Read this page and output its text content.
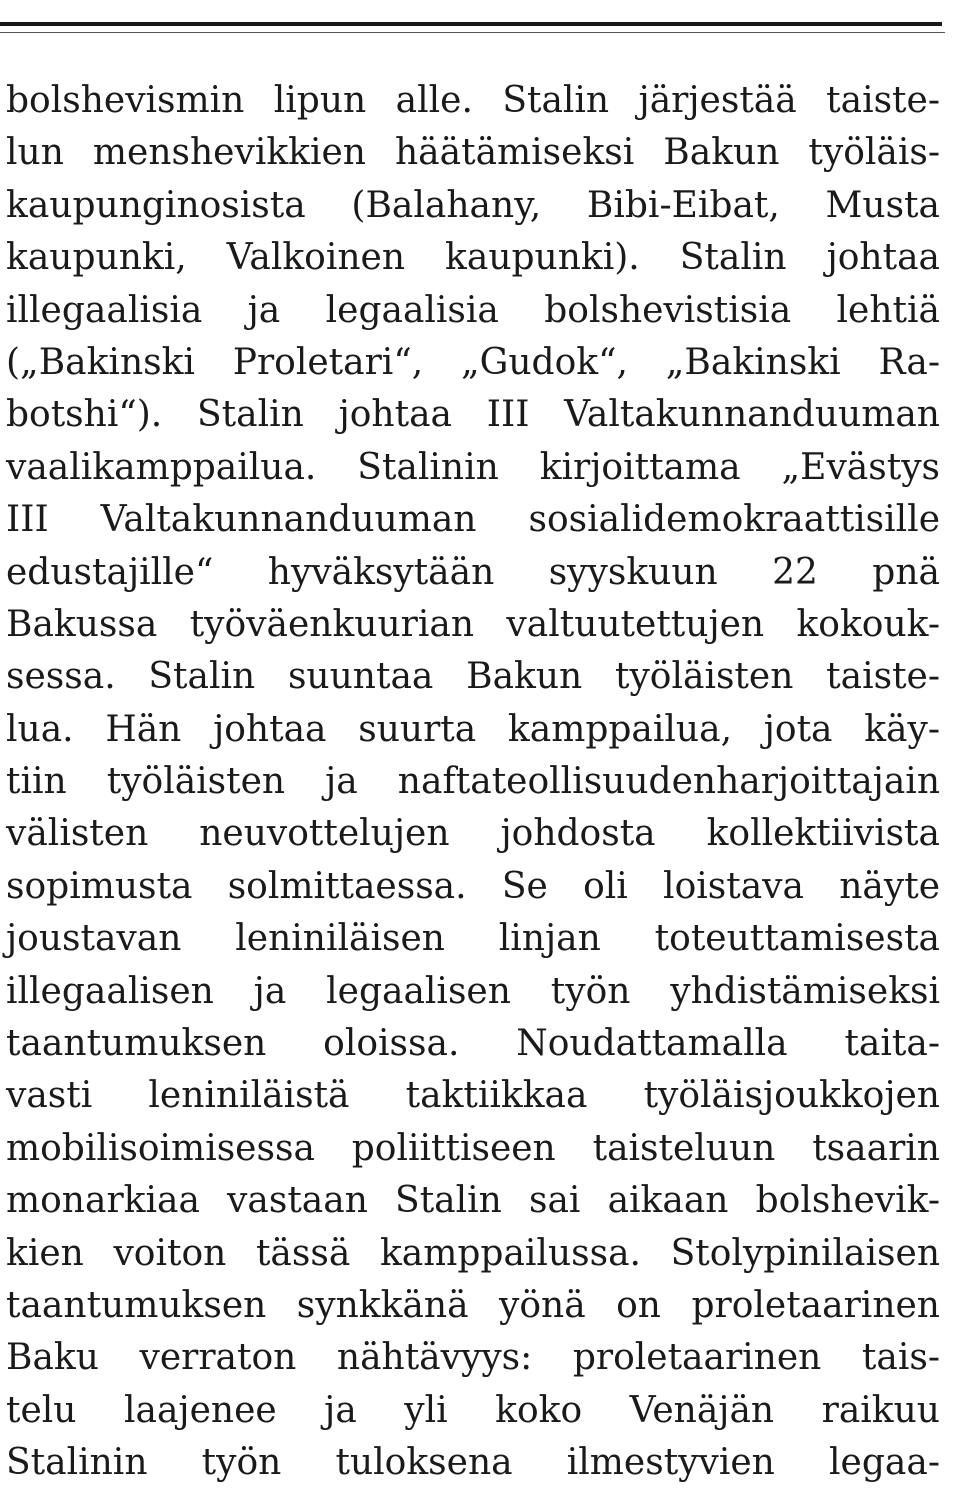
bolshevismin lipun alle. Stalin järjestää taiste-
lun menshevikkien häätämiseksi Bakun työläis-
kaupunginosista (Balahany, Bibi-Eibat, Musta
kaupunki, Valkoinen kaupunki). Stalin johtaa
illegaalisia ja legaalisia bolshevistisia lehtiä
(„Bakinski Proletari“, „Gudok“, „Bakinski Ra-
botshi“). Stalin johtaa III Valtakunnanduuman
vaalikamppailua. Stalinin kirjoittama „Evästys
III Valtakunnanduuman sosialidemokraattisille
edustajille“ hyväksytään syyskuun 22 pnä
Bakussa työväenkuurian valtuutettujen kokouk-
sessa. Stalin suuntaa Bakun työläisten taiste-
lua. Hän johtaa suurta kamppailua, jota käy-
tiin työläisten ja naftateollisuudenharjoittajain
välisten neuvottelujen johdosta kollektiivista
sopimusta solmittaessa. Se oli loistava näyte
joustavan leniniläisen linjan toteuttamisesta
illegaalisen ja legaalisen työn yhdistämiseksi
taantumuksen oloissa. Noudattamalla taita-
vasti leniniläistä taktiikkaa työläisjoukkojen
mobilisoimisessa poliittiseen taisteluun tsaarin
monarkiaa vastaan Stalin sai aikaan bolshevik-
kien voiton tässä kamppailussa. Stolypinilaisen
taantumuksen synkkänä yönä on proletaarinen
Baku verraton nähtävyys: proletaarinen tais-
telu laajenee ja yli koko Venäjän raikuu
Stalinin työn tuloksena ilmestyvien legaa-
